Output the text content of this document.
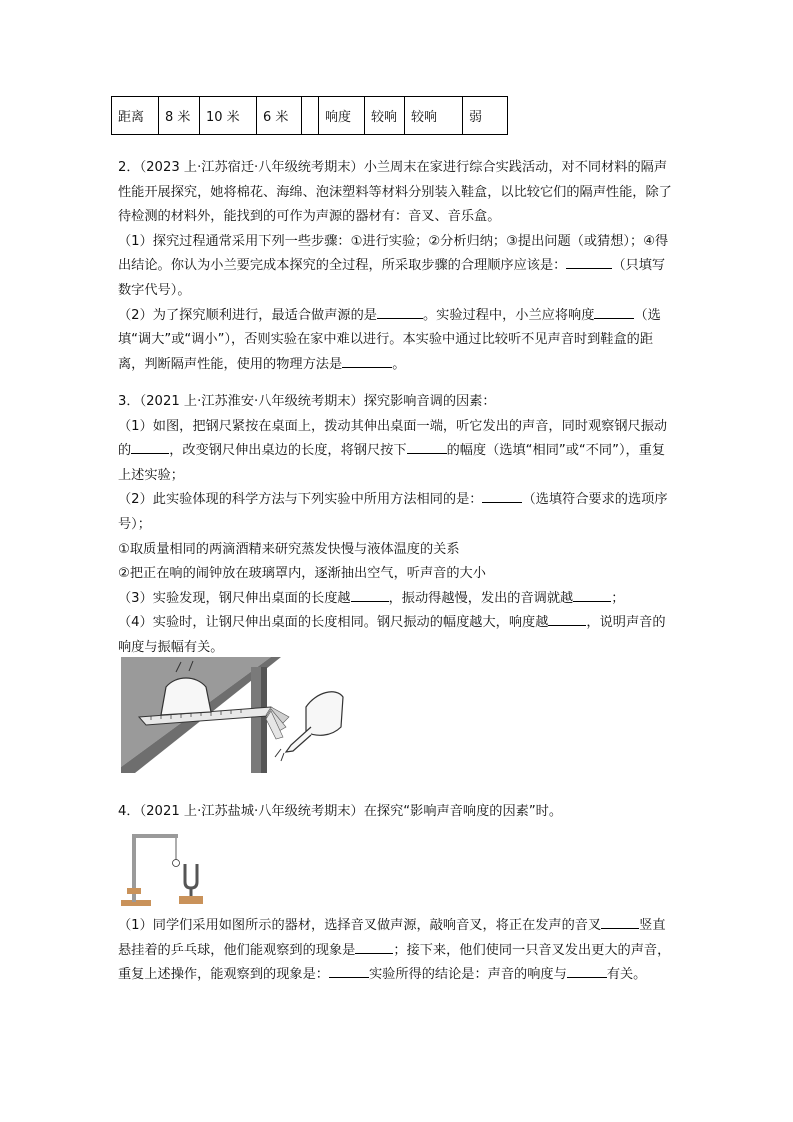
距离	8 米	10 米	6 米		响度	较响	较响	弱

2．（2023 上·江苏宿迁·八年级统考期末）小兰周末在家进行综合实践活动，对不同材料的隔声性能开展探究，她将棉花、海绵、泡沫塑料等材料分别装入鞋盒，以比较它们的隔声性能，除了待检测的材料外，能找到的可作为声源的器材有：音叉、音乐盒。

（1）探究过程通常采用下列一些步骤：①进行实验；②分析归纳；③提出问题（或猜想）；④得出结论。你认为小兰要完成本探究的全过程，所采取步骤的合理顺序应该是：	（只填写数字代号）。

（2）为了探究顺利进行，最适合做声源的是	。实验过程中，小兰应将响度	（选填“调大”或“调小”），否则实验在家中难以进行。本实验中通过比较听不见声音时到鞋盒的距离，判断隔声性能，使用的物理方法是	。

3．（2021 上·江苏淮安·八年级统考期末）探究影响音调的因素：

（1）如图，把钢尺紧按在桌面上，拨动其伸出桌面一端，听它发出的声音，同时观察钢尺振动的	，改变钢尺伸出桌边的长度，将钢尺按下	的幅度（选填“相同”或“不同”），重复上述实验；

（2）此实验体现的科学方法与下列实验中所用方法相同的是：	（选填符合要求的选项序号）；

①取质量相同的两滴酒精来研究蒸发快慢与液体温度的关系

②把正在响的闹钟放在玻璃罩内，逐渐抽出空气，听声音的大小

（3）实验发现，钢尺伸出桌面的长度越	，振动得越慢，发出的音调就越	；

（4）实验时，让钢尺伸出桌面的长度相同。钢尺振动的幅度越大，响度越	，说明声音的响度与振幅有关。

4．（2021 上·江苏盐城·八年级统考期末）在探究“影响声音响度的因素”时。

（1）同学们采用如图所示的器材，选择音叉做声源，敲响音叉，将正在发声的音叉	竖直悬挂着的乒乓球，他们能观察到的现象是	；接下来，他们使同一只音叉发出更大的声音，重复上述操作，能观察到的现象是：	实验所得的结论是：声音的响度与	有关。
